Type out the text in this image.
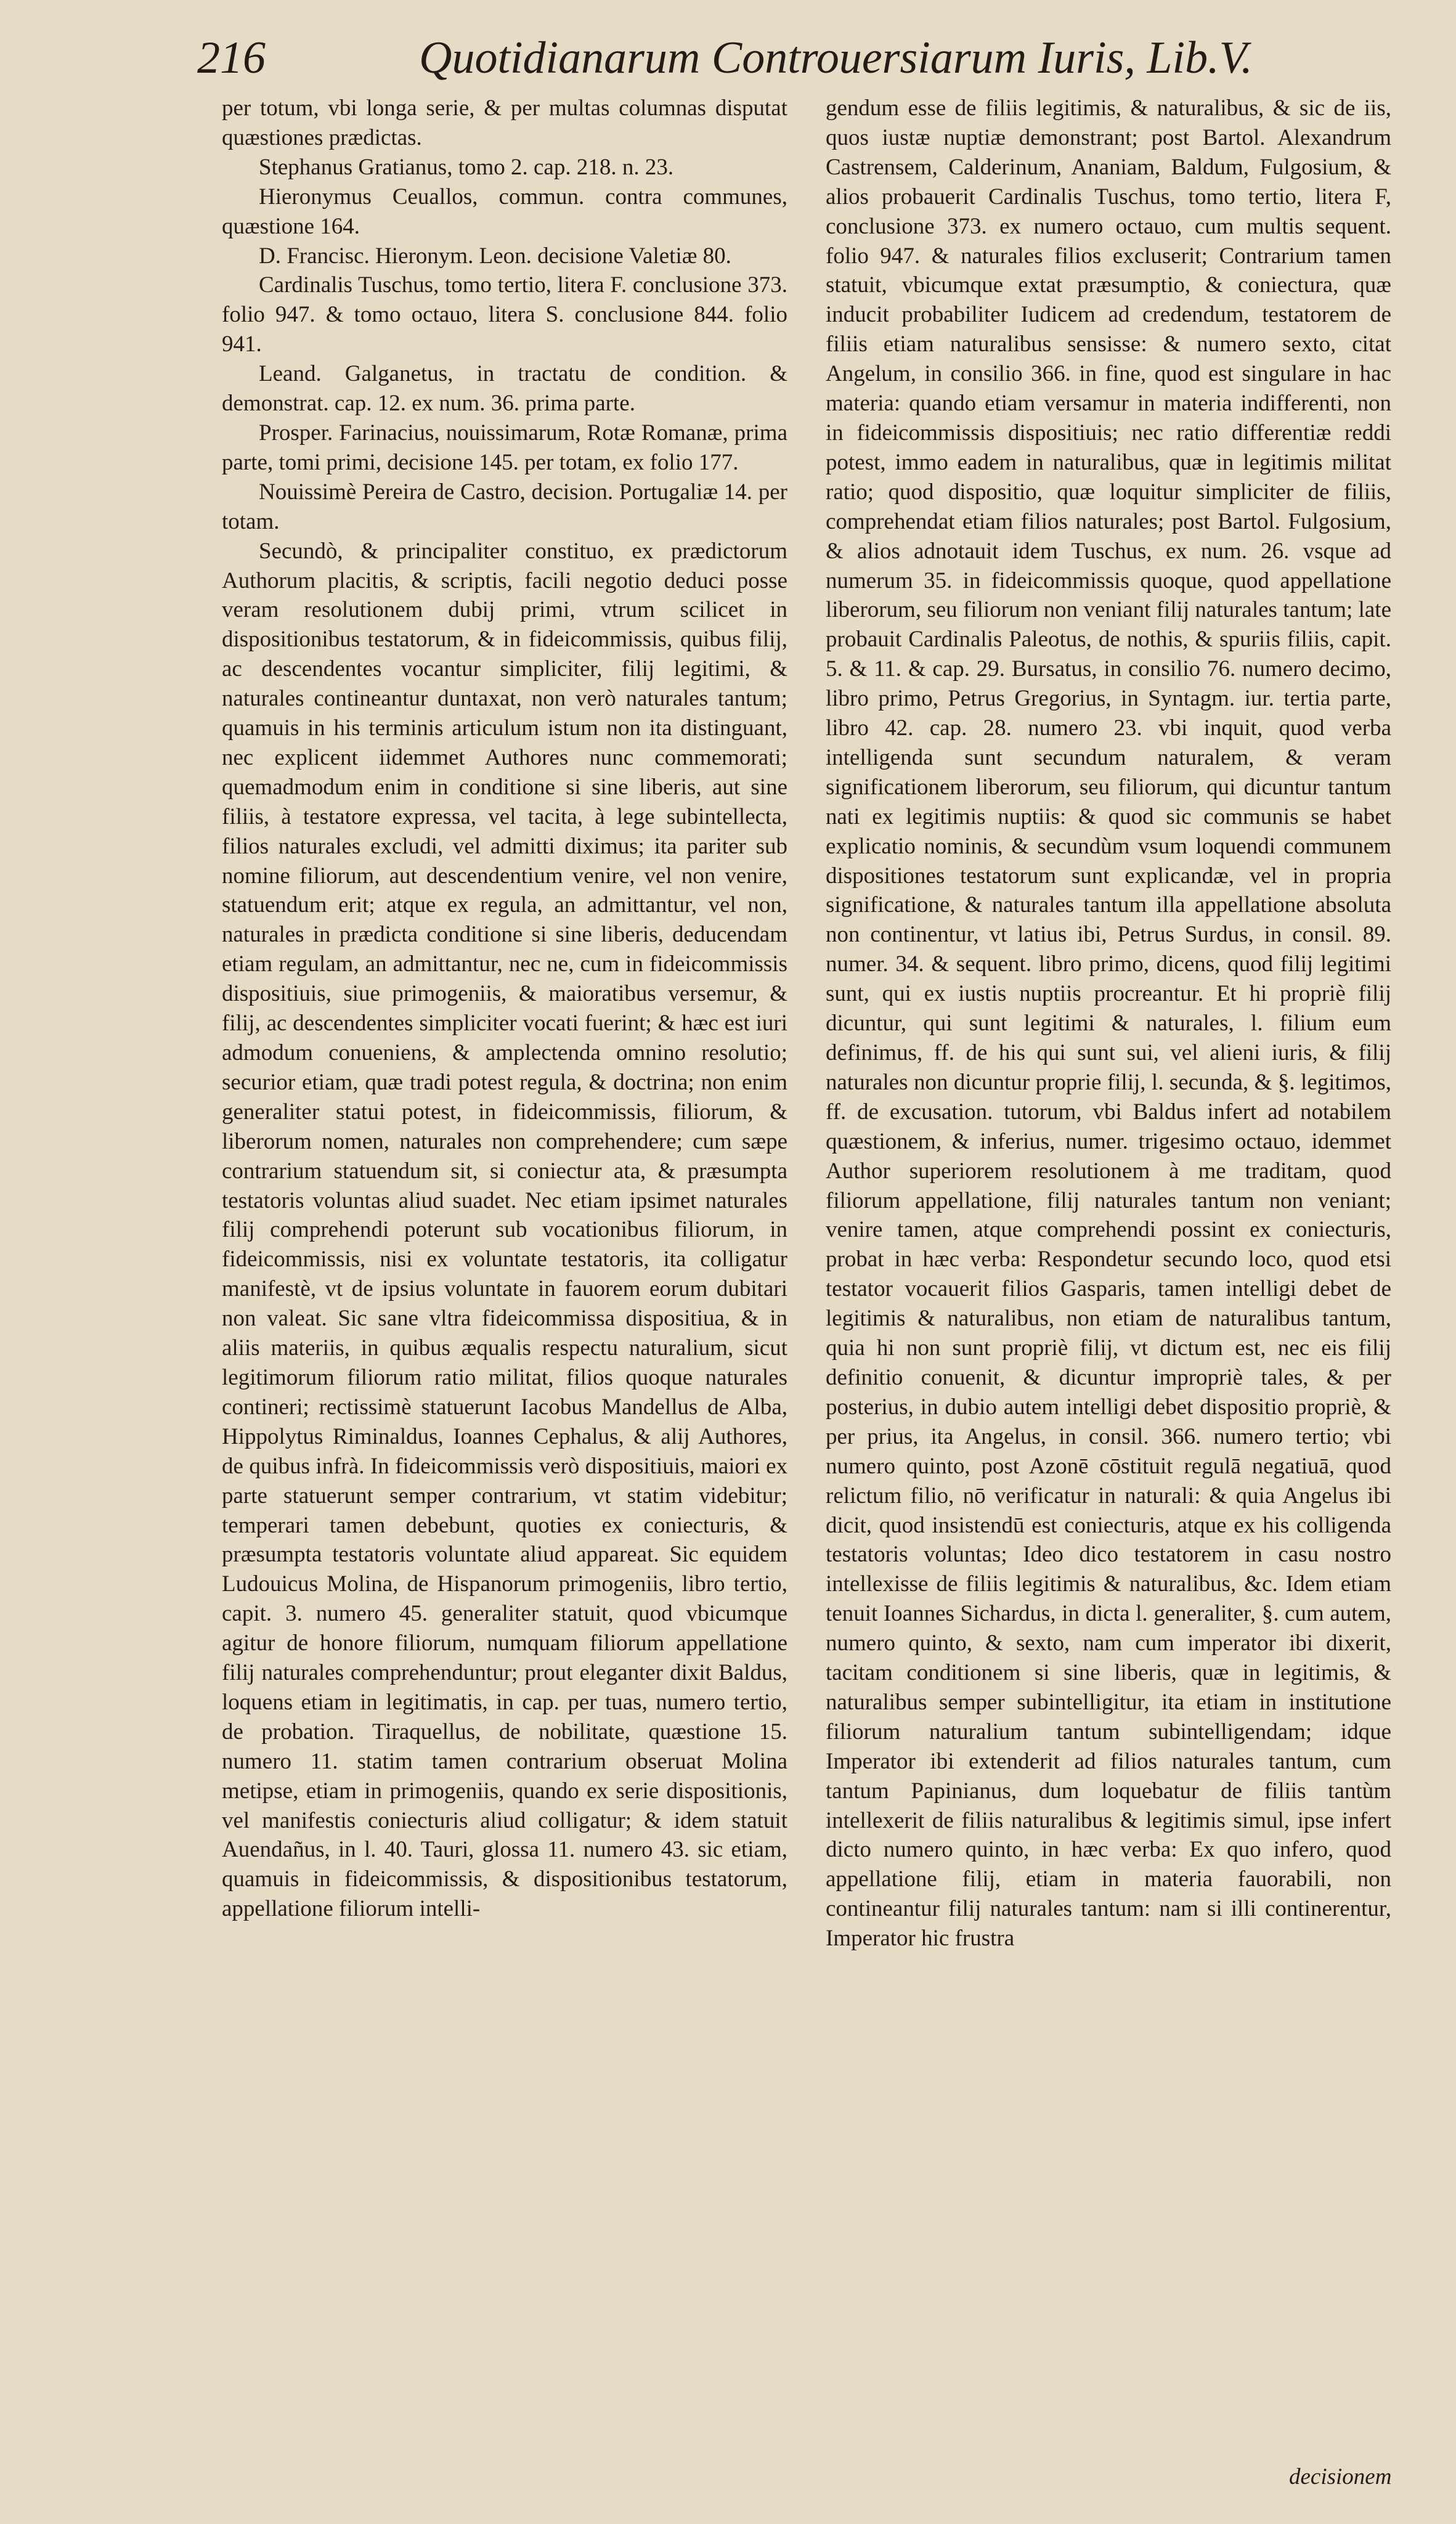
216	Quotidianarum Controuersiarum Iuris, Lib.V.

per totum, vbi longa serie, & per multas columnas disputat quæstiones prædictas.

Stephanus Gratianus, tomo 2. cap. 218. n. 23.

Hieronymus Ceuallos, commun. contra communes, quæstione 164.

D. Francisc. Hieronym. Leon. decisione Valetiæ 80.

Cardinalis Tuschus, tomo tertio, litera F. conclusione 373. folio 947. & tomo octauo, litera S. conclusione 844. folio 941.

Leand. Galganetus, in tractatu de condition. & demonstrat. cap. 12. ex num. 36. prima parte.

Prosper. Farinacius, nouissimarum, Rotæ Romanæ, prima parte, tomi primi, decisione 145. per totam, ex folio 177.

Nouissimè Pereira de Castro, decision. Portugaliæ 14. per totam.

Secundò, & principaliter constituo, ex prædictorum Authorum placitis, & scriptis, facili negotio deduci posse veram resolutionem dubij primi, vtrum scilicet in dispositionibus testatorum, & in fideicommissis, quibus filij, ac descendentes vocantur simpliciter, filij legitimi, & naturales contineantur duntaxat, non verò naturales tantum; quamuis in his terminis articulum istum non ita distinguant, nec explicent iidemmet Authores nunc commemorati; quemadmodum enim in conditione si sine liberis, aut sine filiis, à testatore expressa, vel tacita, à lege subintellecta, filios naturales excludi, vel admitti diximus; ita pariter sub nomine filiorum, aut descendentium venire, vel non venire, statuendum erit; atque ex regula, an admittantur, vel non, naturales in prædicta conditione si sine liberis, deducendam etiam regulam, an admittantur, nec ne, cum in fideicommissis dispositiuis, siue primogeniis, & maioratibus versemur, & filij, ac descendentes simpliciter vocati fuerint; & hæc est iuri admodum conueniens, & amplectenda omnino resolutio; securior etiam, quæ tradi potest regula, & doctrina; non enim generaliter statui potest, in fideicommissis, filiorum, & liberorum nomen, naturales non comprehendere; cum sæpe contrarium statuendum sit, si coniectur ata, & præsumpta testatoris voluntas aliud suadet. Nec etiam ipsimet naturales filij comprehendi poterunt sub vocationibus filiorum, in fideicommissis, nisi ex voluntate testatoris, ita colligatur manifestè, vt de ipsius voluntate in fauorem eorum dubitari non valeat. Sic sane vltra fideicommissa dispositiua, & in aliis materiis, in quibus æqualis respectu naturalium, sicut legitimorum filiorum ratio militat, filios quoque naturales contineri; rectissimè statuerunt Iacobus Mandellus de Alba, Hippolytus Riminaldus, Ioannes Cephalus, & alij Authores, de quibus infrà. In fideicommissis verò dispositiuis, maiori ex parte statuerunt semper contrarium, vt statim videbitur; temperari tamen debebunt, quoties ex coniecturis, & præsumpta testatoris voluntate aliud appareat. Sic equidem Ludouicus Molina, de Hispanorum primogeniis, libro tertio, capit. 3. numero 45. generaliter statuit, quod vbicumque agitur de honore filiorum, numquam filiorum appellatione filij naturales comprehenduntur; prout eleganter dixit Baldus, loquens etiam in legitimatis, in cap. per tuas, numero tertio, de probation. Tiraquellus, de nobilitate, quæstione 15. numero 11. statim tamen contrarium obseruat Molina metipse, etiam in primogeniis, quando ex serie dispositionis, vel manifestis coniecturis aliud colligatur; & idem statuit Auendañus, in l. 40. Tauri, glossa 11. numero 43. sic etiam, quamuis in fideicommissis, & dispositionibus testatorum, appellatione filiorum intelli-

gendum esse de filiis legitimis, & naturalibus, & sic de iis, quos iustæ nuptiæ demonstrant; post Bartol. Alexandrum Castrensem, Calderinum, Ananiam, Baldum, Fulgosium, & alios probauerit Cardinalis Tuschus, tomo tertio, litera F, conclusione 373. ex numero octauo, cum multis sequent. folio 947. & naturales filios excluserit; Contrarium tamen statuit, vbicumque extat præsumptio, & coniectura, quæ inducit probabiliter Iudicem ad credendum, testatorem de filiis etiam naturalibus sensisse: & numero sexto, citat Angelum, in consilio 366. in fine, quod est singulare in hac materia: quando etiam versamur in materia indifferenti, non in fideicommissis dispositiuis; nec ratio differentiæ reddi potest, immo eadem in naturalibus, quæ in legitimis militat ratio; quod dispositio, quæ loquitur simpliciter de filiis, comprehendat etiam filios naturales; post Bartol. Fulgosium, & alios adnotauit idem Tuschus, ex num. 26. vsque ad numerum 35. in fideicommissis quoque, quod appellatione liberorum, seu filiorum non veniant filij naturales tantum; late probauit Cardinalis Paleotus, de nothis, & spuriis filiis, capit. 5. & 11. & cap. 29. Bursatus, in consilio 76. numero decimo, libro primo, Petrus Gregorius, in Syntagm. iur. tertia parte, libro 42. cap. 28. numero 23. vbi inquit, quod verba intelligenda sunt secundum naturalem, & veram significationem liberorum, seu filiorum, qui dicuntur tantum nati ex legitimis nuptiis: & quod sic communis se habet explicatio nominis, & secundùm vsum loquendi communem dispositiones testatorum sunt explicandæ, vel in propria significatione, & naturales tantum illa appellatione absoluta non continentur, vt latius ibi, Petrus Surdus, in consil. 89. numer. 34. & sequent. libro primo, dicens, quod filij legitimi sunt, qui ex iustis nuptiis procreantur. Et hi propriè filij dicuntur, qui sunt legitimi & naturales, l. filium eum definimus, ff. de his qui sunt sui, vel alieni iuris, & filij naturales non dicuntur proprie filij, l. secunda, & §. legitimos, ff. de excusation. tutorum, vbi Baldus infert ad notabilem quæstionem, & inferius, numer. trigesimo octauo, idemmet Author superiorem resolutionem à me traditam, quod filiorum appellatione, filij naturales tantum non veniant; venire tamen, atque comprehendi possint ex coniecturis, probat in hæc verba: Respondetur secundo loco, quod etsi testator vocauerit filios Gasparis, tamen intelligi debet de legitimis & naturalibus, non etiam de naturalibus tantum, quia hi non sunt propriè filij, vt dictum est, nec eis filij definitio conuenit, & dicuntur impropriè tales, & per posterius, in dubio autem intelligi debet dispositio propriè, & per prius, ita Angelus, in consil. 366. numero tertio; vbi numero quinto, post Azonē cōstituit regulā negatiuā, quod relictum filio, nō verificatur in naturali: & quia Angelus ibi dicit, quod insistendū est coniecturis, atque ex his colligenda testatoris voluntas; Ideo dico testatorem in casu nostro intellexisse de filiis legitimis & naturalibus, &c. Idem etiam tenuit Ioannes Sichardus, in dicta l. generaliter, §. cum autem, numero quinto, & sexto, nam cum imperator ibi dixerit, tacitam conditionem si sine liberis, quæ in legitimis, & naturalibus semper subintelligitur, ita etiam in institutione filiorum naturalium tantum subintelligendam; idque Imperator ibi extenderit ad filios naturales tantum, cum tantum Papinianus, dum loquebatur de filiis tantùm intellexerit de filiis naturalibus & legitimis simul, ipse infert dicto numero quinto, in hæc verba: Ex quo infero, quod appellatione filij, etiam in materia fauorabili, non contineantur filij naturales tantum: nam si illi continerentur, Imperator hic frustra

decisionem
